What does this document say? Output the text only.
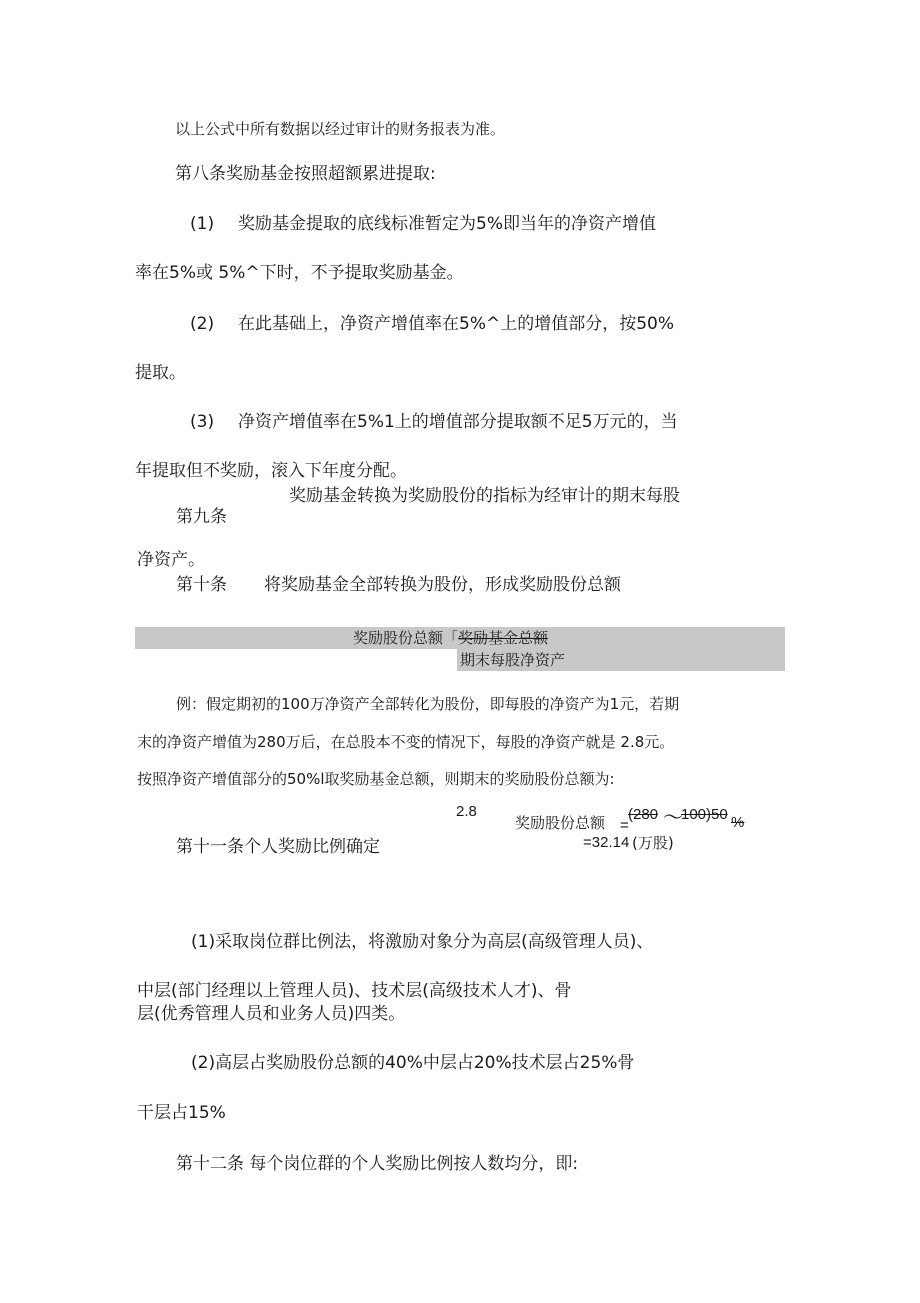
以上公式中所有数据以经过审计的财务报表为准。
第八条奖励基金按照超额累进提取:
(1) 奖励基金提取的底线标准暂定为5%即当年的净资产增值
率在5%或 5%^下时，不予提取奖励基金。
(2) 在此基础上，净资产增值率在5%^上的增值部分，按50%
提取。
(3) 净资产增值率在5%1上的增值部分提取额不足5万元的，当
年提取但不奖励，滚入下年度分配。
奖励基金转换为奖励股份的指标为经审计的期末每股
第九条
净资产。
第十条 将奖励基金全部转换为股份，形成奖励股份总额
奖励股份总额「 奖励基金总额
期末每股净资产
例：假定期初的100万净资产全部转化为股份，即每股的净资产为1元，若期
末的净资产增值为280万后，在总股本不变的情况下，每股的净资产就是 2.8元。
按照净资产增值部分的50%l取奖励基金总额，则期末的奖励股份总额为:
2.8
奖励股份总额 =
(280 ～
100)50 %
=32.14 (万股)
第十一条个人奖励比例确定
(1)采取岗位群比例法，将激励对象分为高层(高级管理人员)、
中层(部门经理以上管理人员)、技术层(高级技术人才)、骨
层(优秀管理人员和业务人员)四类。
(2)高层占奖励股份总额的40%中层占20%技术层占25%骨
干层占15%
第十二条 每个岗位群的个人奖励比例按人数均分，即:
